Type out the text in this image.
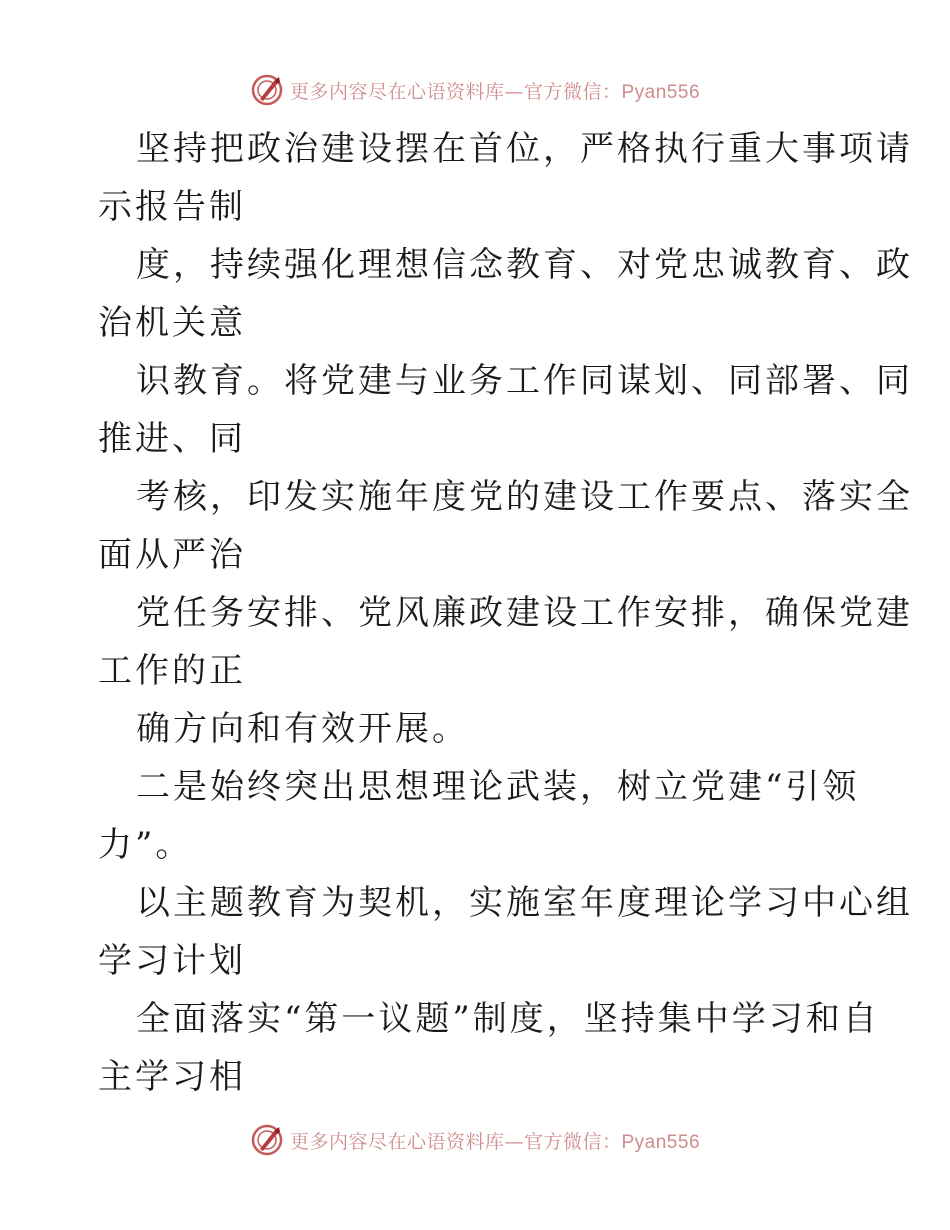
更多内容尽在心语资料库—官方微信：Pyan556
坚持把政治建设摆在首位，严格执行重大事项请
示报告制
度，持续强化理想信念教育、对党忠诚教育、政
治机关意
识教育。将党建与业务工作同谋划、同部署、同
推进、同
考核，印发实施年度党的建设工作要点、落实全
面从严治
党任务安排、党风廉政建设工作安排，确保党建
工作的正
确方向和有效开展。
二是始终突出思想理论武装，树立党建“引领
力”。
以主题教育为契机，实施室年度理论学习中心组
学习计划
全面落实“第一议题”制度，坚持集中学习和自
主学习相
更多内容尽在心语资料库—官方微信：Pyan556
